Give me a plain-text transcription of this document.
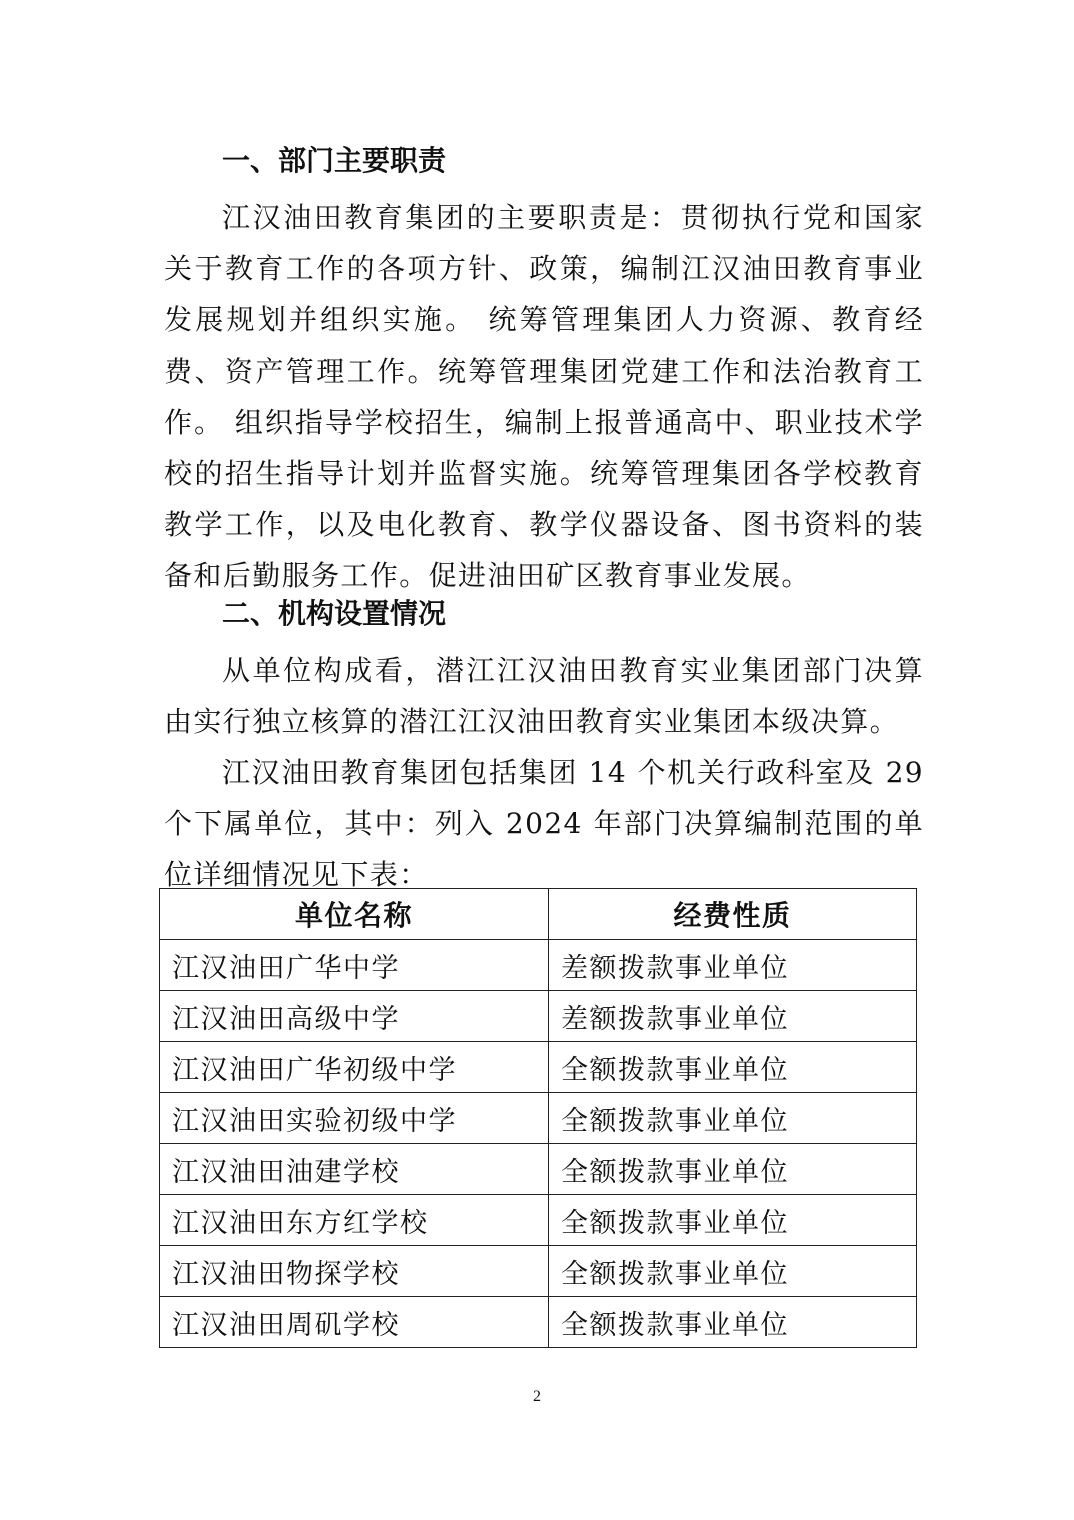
一、部门主要职责

江汉油田教育集团的主要职责是：贯彻执行党和国家关于教育工作的各项方针、政策，编制江汉油田教育事业发展规划并组织实施。 统筹管理集团人力资源、教育经费、资产管理工作。统筹管理集团党建工作和法治教育工作。 组织指导学校招生，编制上报普通高中、职业技术学校的招生指导计划并监督实施。统筹管理集团各学校教育教学工作，以及电化教育、教学仪器设备、图书资料的装备和后勤服务工作。促进油田矿区教育事业发展。

二、机构设置情况

从单位构成看，潜江江汉油田教育实业集团部门决算由实行独立核算的潜江江汉油田教育实业集团本级决算。

江汉油田教育集团包括集团 14 个机关行政科室及 29 个下属单位，其中：列入 2024 年部门决算编制范围的单位详细情况见下表：

单位名称	经费性质
江汉油田广华中学	差额拨款事业单位
江汉油田高级中学	差额拨款事业单位
江汉油田广华初级中学	全额拨款事业单位
江汉油田实验初级中学	全额拨款事业单位
江汉油田油建学校	全额拨款事业单位
江汉油田东方红学校	全额拨款事业单位
江汉油田物探学校	全额拨款事业单位
江汉油田周矶学校	全额拨款事业单位
2
